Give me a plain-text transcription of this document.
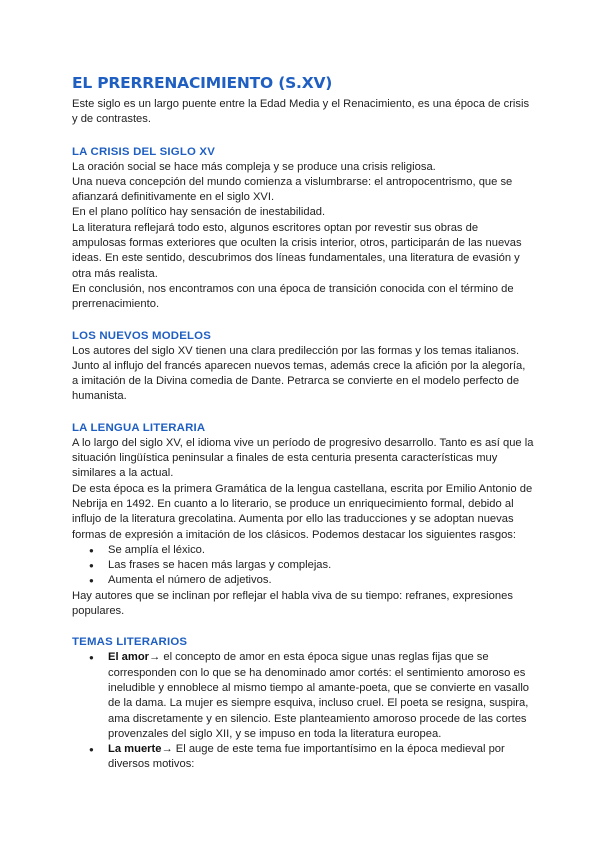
EL PRERRENACIMIENTO (S.XV)

Este siglo es un largo puente entre la Edad Media y el Renacimiento, es una época de crisis y de contrastes.

LA CRISIS DEL SIGLO XV

La oración social se hace más compleja y se produce una crisis religiosa.

Una nueva concepción del mundo comienza a vislumbrarse: el antropocentrismo, que se afianzará definitivamente en el siglo XVI.

En el plano político hay sensación de inestabilidad.

La literatura reflejará todo esto, algunos escritores optan por revestir sus obras de ampulosas formas exteriores que oculten la crisis interior, otros, participarán de las nuevas ideas. En este sentido, descubrimos dos líneas fundamentales, una literatura de evasión y otra más realista.

En conclusión, nos encontramos con una época de transición conocida con el término de prerrenacimiento.

LOS NUEVOS MODELOS

Los autores del siglo XV tienen una clara predilección por las formas y los temas italianos. Junto al influjo del francés aparecen nuevos temas, además crece la afición por la alegoría, a imitación de la Divina comedia de Dante. Petrarca se convierte en el modelo perfecto de humanista.

LA LENGUA LITERARIA

A lo largo del siglo XV, el idioma vive un período de progresivo desarrollo. Tanto es así que la situación lingüística peninsular a finales de esta centuria presenta características muy similares a la actual.

De esta época es la primera Gramática de la lengua castellana, escrita por Emilio Antonio de Nebrija en 1492. En cuanto a lo literario, se produce un enriquecimiento formal, debido al influjo de la literatura grecolatina. Aumenta por ello las traducciones y se adoptan nuevas formas de expresión a imitación de los clásicos. Podemos destacar los siguientes rasgos:

● Se amplía el léxico.
● Las frases se hacen más largas y complejas.
● Aumenta el número de adjetivos.

Hay autores que se inclinan por reflejar el habla viva de su tiempo: refranes, expresiones populares.

TEMAS LITERARIOS
● El amor→ el concepto de amor en esta época sigue unas reglas fijas que se corresponden con lo que se ha denominado amor cortés: el sentimiento amoroso es ineludible y ennoblece al mismo tiempo al amante-poeta, que se convierte en vasallo de la dama. La mujer es siempre esquiva, incluso cruel. El poeta se resigna, suspira, ama discretamente y en silencio. Este planteamiento amoroso procede de las cortes provenzales del siglo XII, y se impuso en toda la literatura europea.
● La muerte→ El auge de este tema fue importantísimo en la época medieval por diversos motivos:
